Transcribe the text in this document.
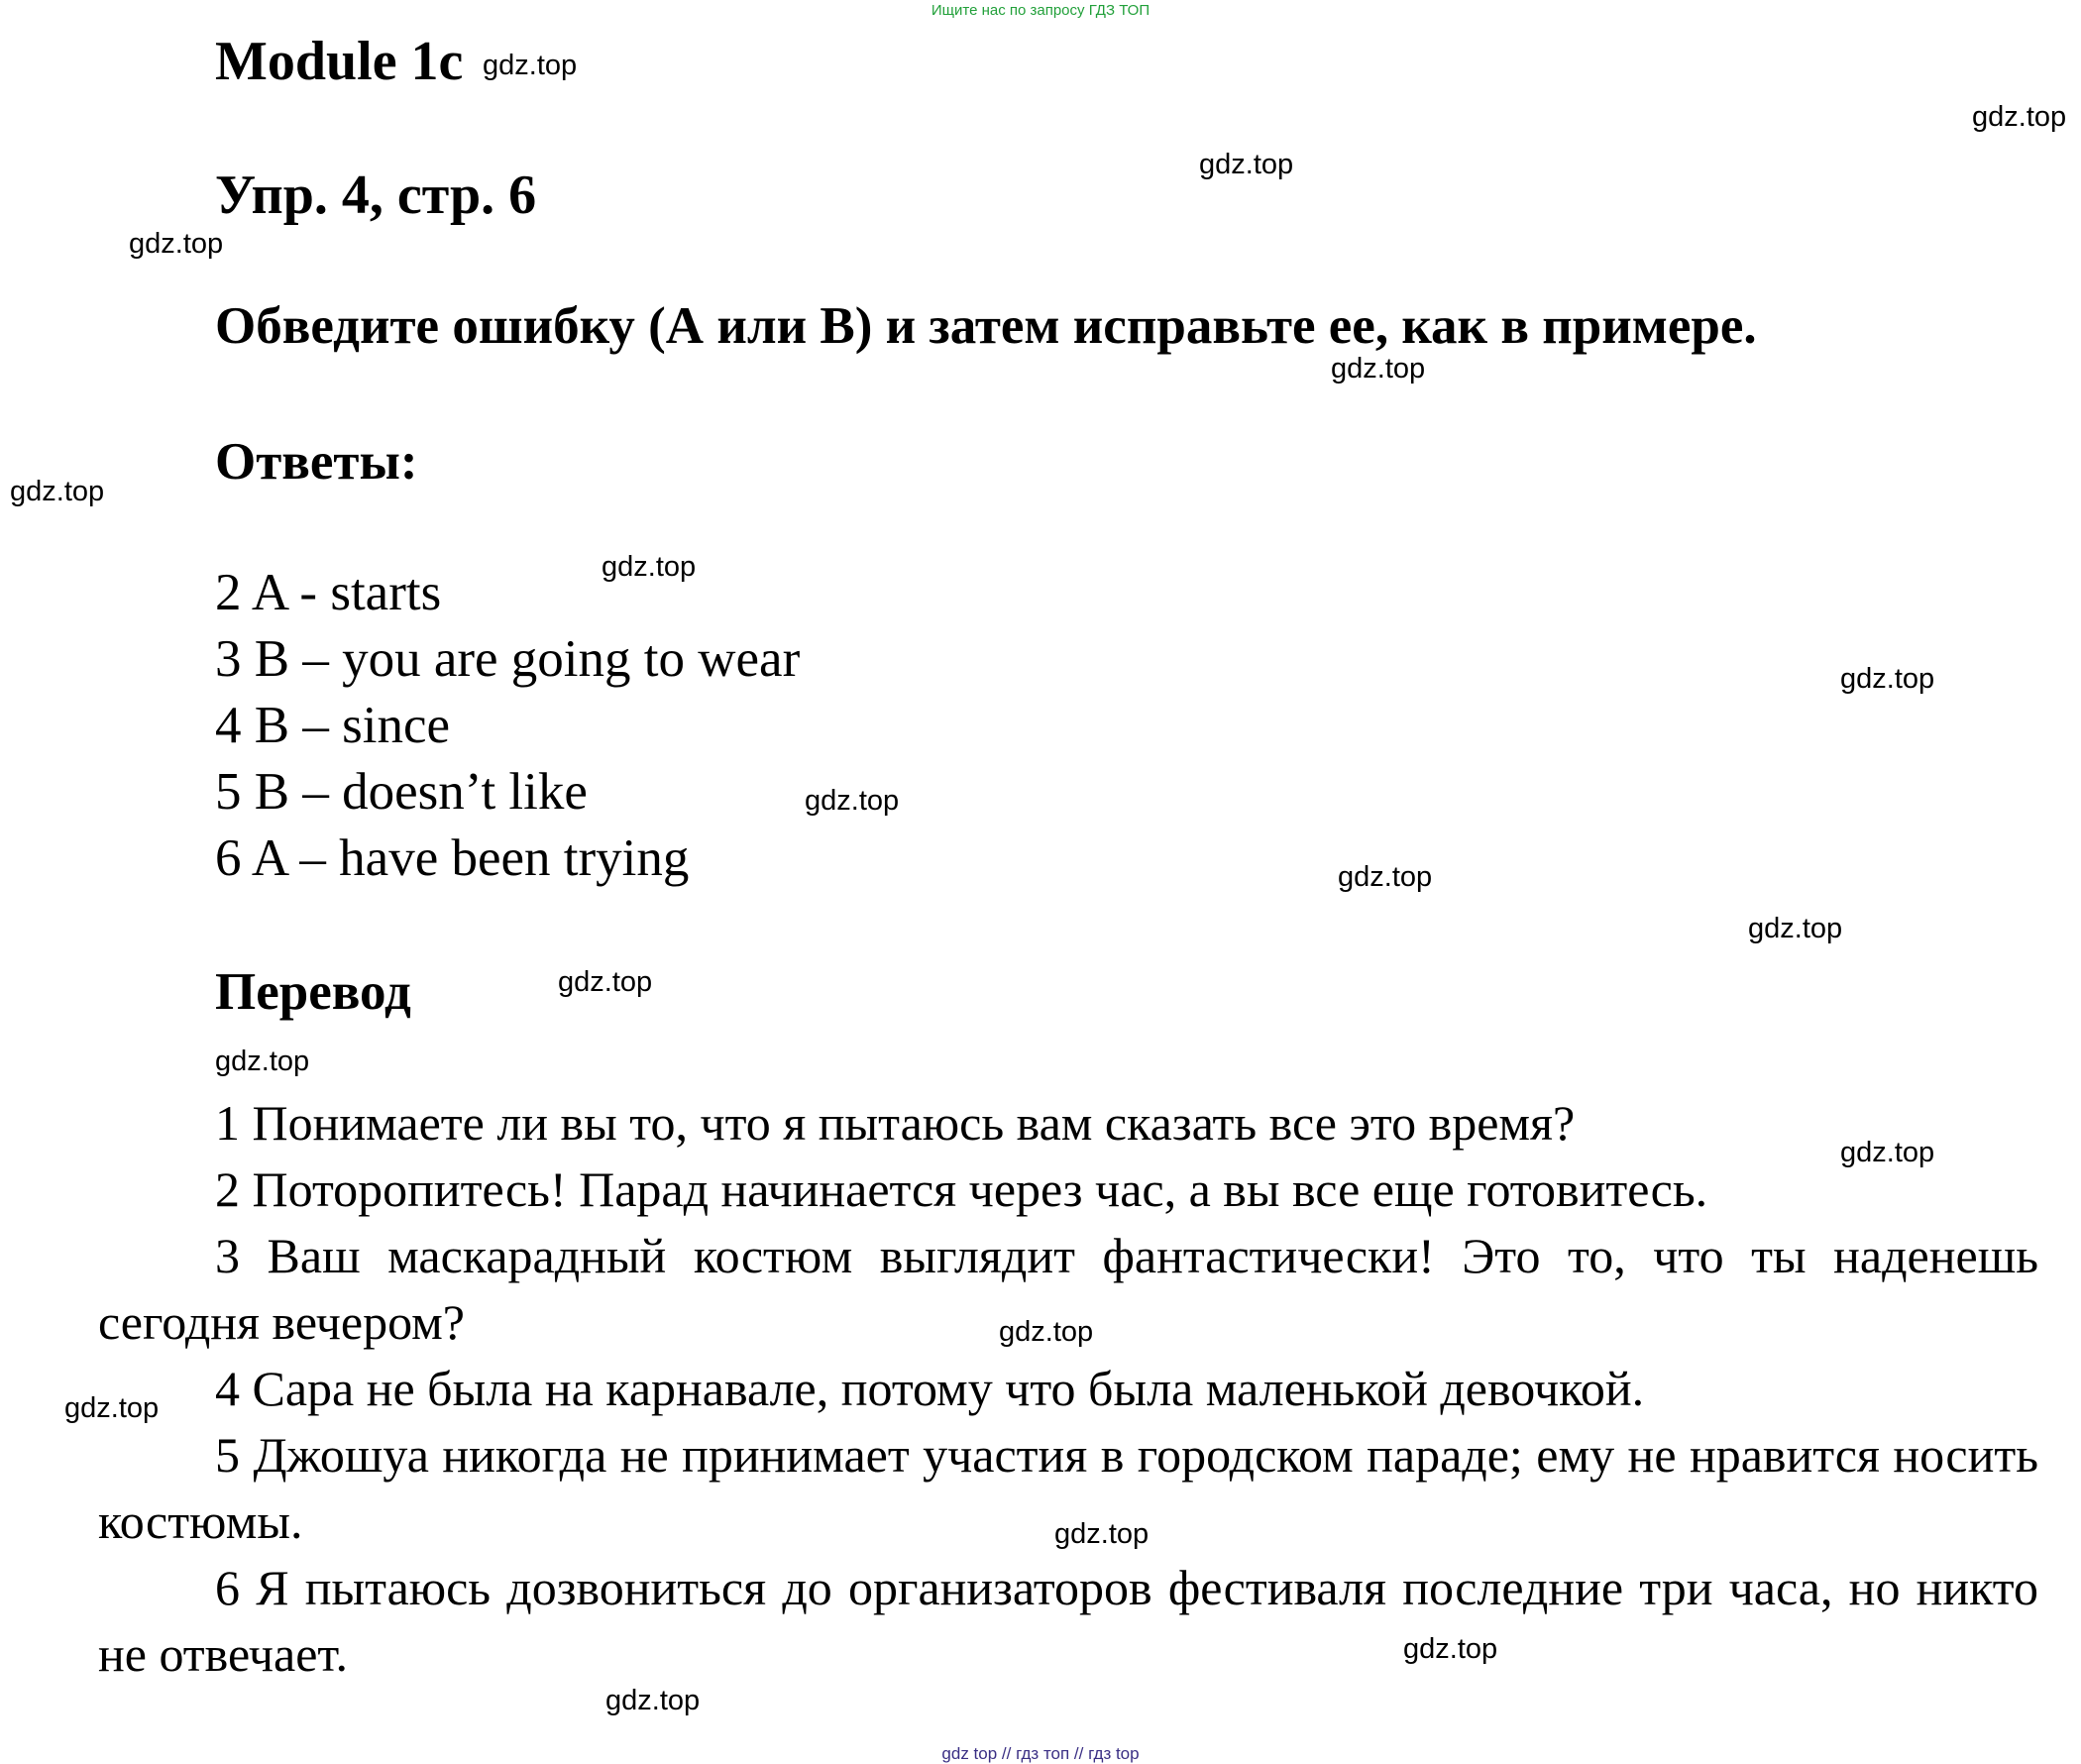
Ищите нас по запросу ГДЗ ТОП
Module 1c
Упр. 4, стр. 6
Обведите ошибку (А или В) и затем исправьте ее, как в примере.
Ответы:
2 A - starts
3 B – you are going to wear
4 B – since
5 B – doesn’t like
6 A – have been trying
Перевод
1 Понимаете ли вы то, что я пытаюсь вам сказать все это время?
2 Поторопитесь! Парад начинается через час, а вы все еще готовитесь.
3 Ваш маскарадный костюм выглядит фантастически! Это то, что ты наденешь сегодня вечером?
4 Сара не была на карнавале, потому что была маленькой девочкой.
5 Джошуа никогда не принимает участия в городском параде; ему не нравится носить костюмы.
6 Я пытаюсь дозвониться до организаторов фестиваля последние три часа, но никто не отвечает.
gdz.top
gdz.top
gdz.top
gdz.top
gdz.top
gdz.top
gdz.top
gdz.top
gdz.top
gdz.top
gdz.top
gdz.top
gdz.top
gdz.top
gdz.top
gdz.top
gdz.top
gdz.top
gdz.top
gdz top // гдз топ // гдз top
